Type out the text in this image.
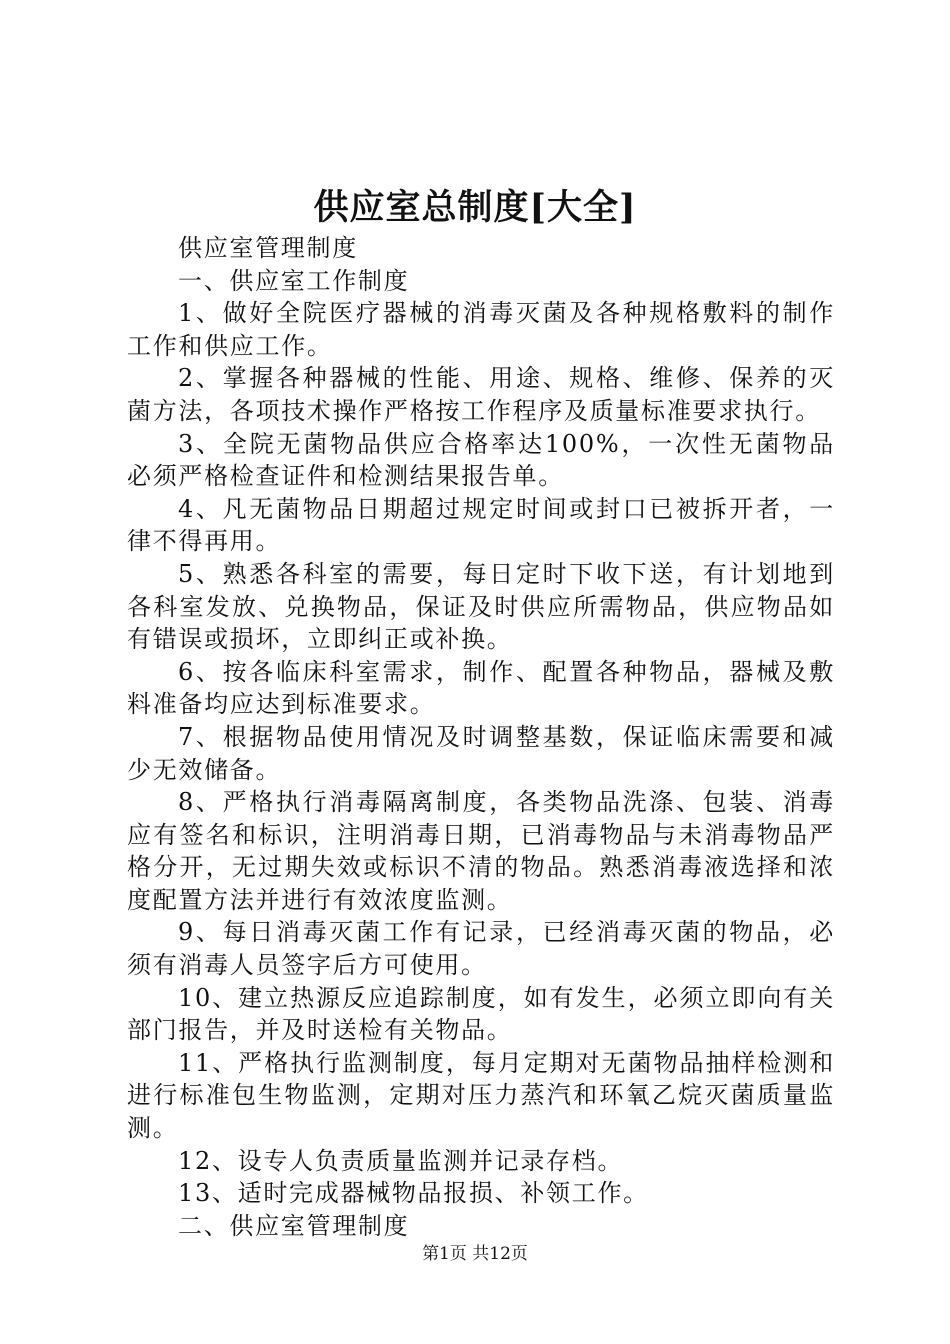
供应室总制度[大全]

供应室管理制度

一、供应室工作制度

1、做好全院医疗器械的消毒灭菌及各种规格敷料的制作工作和供应工作。

2、掌握各种器械的性能、用途、规格、维修、保养的灭菌方法，各项技术操作严格按工作程序及质量标准要求执行。

3、全院无菌物品供应合格率达100%，一次性无菌物品必须严格检查证件和检测结果报告单。

4、凡无菌物品日期超过规定时间或封口已被拆开者，一律不得再用。

5、熟悉各科室的需要，每日定时下收下送，有计划地到各科室发放、兑换物品，保证及时供应所需物品，供应物品如有错误或损坏，立即纠正或补换。

6、按各临床科室需求，制作、配置各种物品，器械及敷料准备均应达到标准要求。

7、根据物品使用情况及时调整基数，保证临床需要和减少无效储备。

8、严格执行消毒隔离制度，各类物品洗涤、包装、消毒应有签名和标识，注明消毒日期，已消毒物品与未消毒物品严格分开，无过期失效或标识不清的物品。熟悉消毒液选择和浓度配置方法并进行有效浓度监测。

9、每日消毒灭菌工作有记录，已经消毒灭菌的物品，必须有消毒人员签字后方可使用。

10、建立热源反应追踪制度，如有发生，必须立即向有关部门报告，并及时送检有关物品。

11、严格执行监测制度，每月定期对无菌物品抽样检测和进行标准包生物监测，定期对压力蒸汽和环氧乙烷灭菌质量监测。

12、设专人负责质量监测并记录存档。

13、适时完成器械物品报损、补领工作。

二、供应室管理制度

第1页 共12页
